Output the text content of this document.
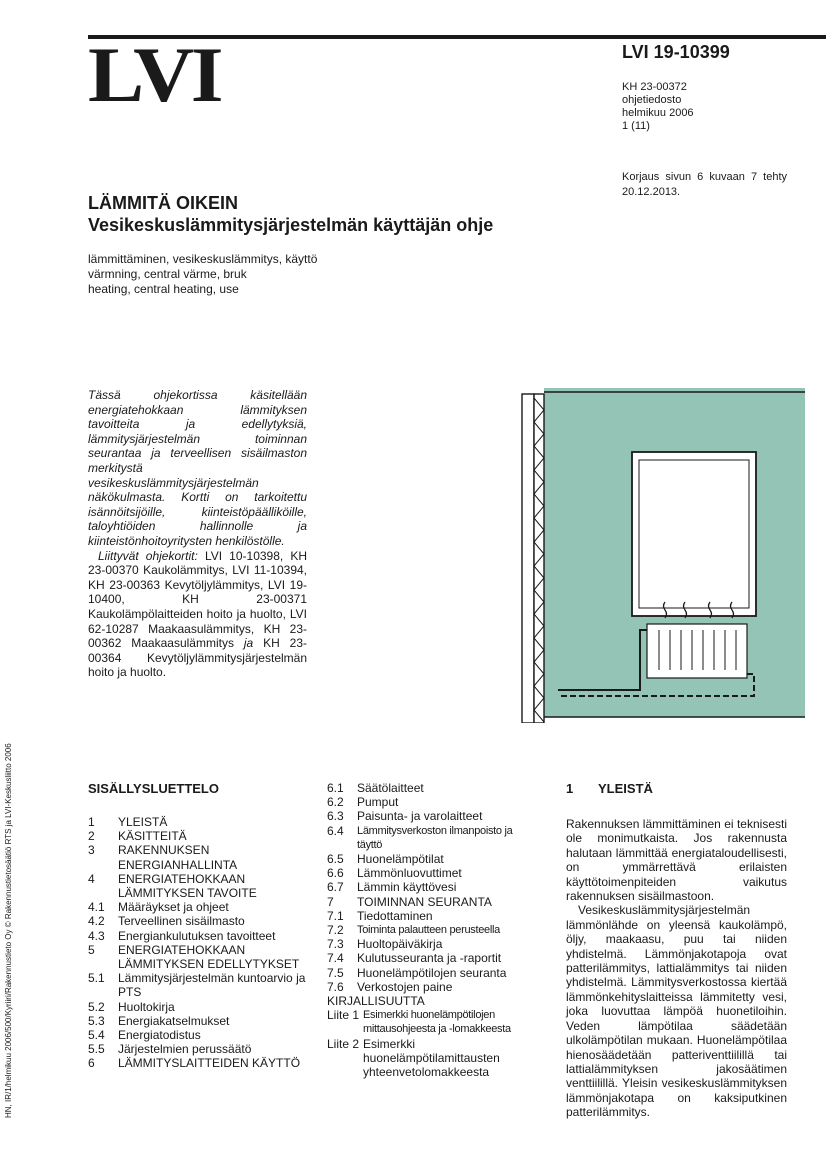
LVI	LVI 19-10399
KH 23-00372
ohjetiedosto
helmikuu 2006
1 (11)
Korjaus sivun 6 kuvaan 7 tehty 20.12.2013.
LÄMMITÄ OIKEIN
Vesikeskuslämmitysjärjestelmän käyttäjän ohje
lämmittäminen, vesikeskuslämmitys, käyttö
värmning, central värme, bruk
heating, central heating, use

Tässä ohjekortissa käsitellään energiatehokkaan lämmityksen tavoitteita ja edellytyksiä, lämmitysjärjestelmän toiminnan seurantaa ja terveellisen sisäilmaston merkitystä vesikeskuslämmitysjärjestelmän näkökulmasta. Kortti on tarkoitettu isännöitsijöille, kiinteistöpäälliköille, taloyhtiöiden hallinnolle ja kiinteistönhoitoyritysten henkilöstölle.

Liittyvät ohjekortit: LVI 10-10398, KH 23-00370 Kaukolämmitys, LVI 11-10394, KH 23-00363 Kevytöljylämmitys, LVI 19-10400, KH 23-00371 Kaukolämpölaitteiden hoito ja huolto, LVI 62-10287 Maakaasulämmitys, KH 23-00362 Maakaasulämmitys ja KH 23-00364 Kevytöljylämmitysjärjestelmän hoito ja huolto.

HN, IR/1/helmikuu 2006/500/Kyriiri/Rakennustieto Oy © Rakennustietosäätiö RTS ja LVI-Keskusliitto 2006	SISÄLLYSLUETTELO
1	YLEISTÄ
2	KÄSITTEITÄ
3	RAKENNUKSEN ENERGIANHALLINTA
4	ENERGIATEHOKKAAN LÄMMITYKSEN TAVOITE
4.1	Määräykset ja ohjeet
4.2	Terveellinen sisäilmasto
4.3	Energiankulutuksen tavoitteet
5	ENERGIATEHOKKAAN LÄMMITYKSEN EDELLYTYKSET
5.1	Lämmitysjärjestelmän kuntoarvio ja PTS
5.2	Huoltokirja
5.3	Energiakatselmukset
5.4	Energiatodistus
5.5	Järjestelmien perussäätö
6	LÄMMITYSLAITTEIDEN KÄYTTÖ
6.1	Säätölaitteet
6.2	Pumput
6.3	Paisunta- ja varolaitteet
6.4	Lämmitysverkoston ilmanpoisto ja täyttö
6.5	Huonelämpötilat
6.6	Lämmönluovuttimet
6.7	Lämmin käyttövesi
7	TOIMINNAN SEURANTA
7.1	Tiedottaminen
7.2	Toiminta palautteen perusteella
7.3	Huoltopäiväkirja
7.4	Kulutusseuranta ja -raportit
7.5	Huonelämpötilojen seuranta
7.6	Verkostojen paine
KIRJALLISUUTTA
Liite 1 Esimerkki huonelämpötilojen mittausohjeesta ja -lomakkeesta
Liite 2 Esimerkki huonelämpötilamittausten yhteenvetolomakkeesta
1 YLEISTÄ

Rakennuksen lämmittäminen ei teknisesti ole monimutkaista. Jos rakennusta halutaan lämmittää energiataloudellisesti, on ymmärrettävä erilaisten käyttötoimenpiteiden vaikutus rakennuksen sisäilmastoon.

Vesikeskuslämmitysjärjestelmän lämmönlähde on yleensä kaukolämpö, öljy, maakaasu, puu tai niiden yhdistelmä. Lämmönjakotapoja ovat patterilämmitys, lattialämmitys tai niiden yhdistelmä. Lämmitysverkostossa kiertää lämmönkehityslaitteissa lämmitetty vesi, joka luovuttaa lämpöä huonetiloihin. Veden lämpötilaa säädetään ulkolämpötilan mukaan. Huonelämpötilaa hienosäädetään patteriventtiilillä tai lattialämmityksen jakosäätimen venttiilillä. Yleisin vesikeskuslämmityksen lämmönjakotapa on kaksiputkinen patterilämmitys.
